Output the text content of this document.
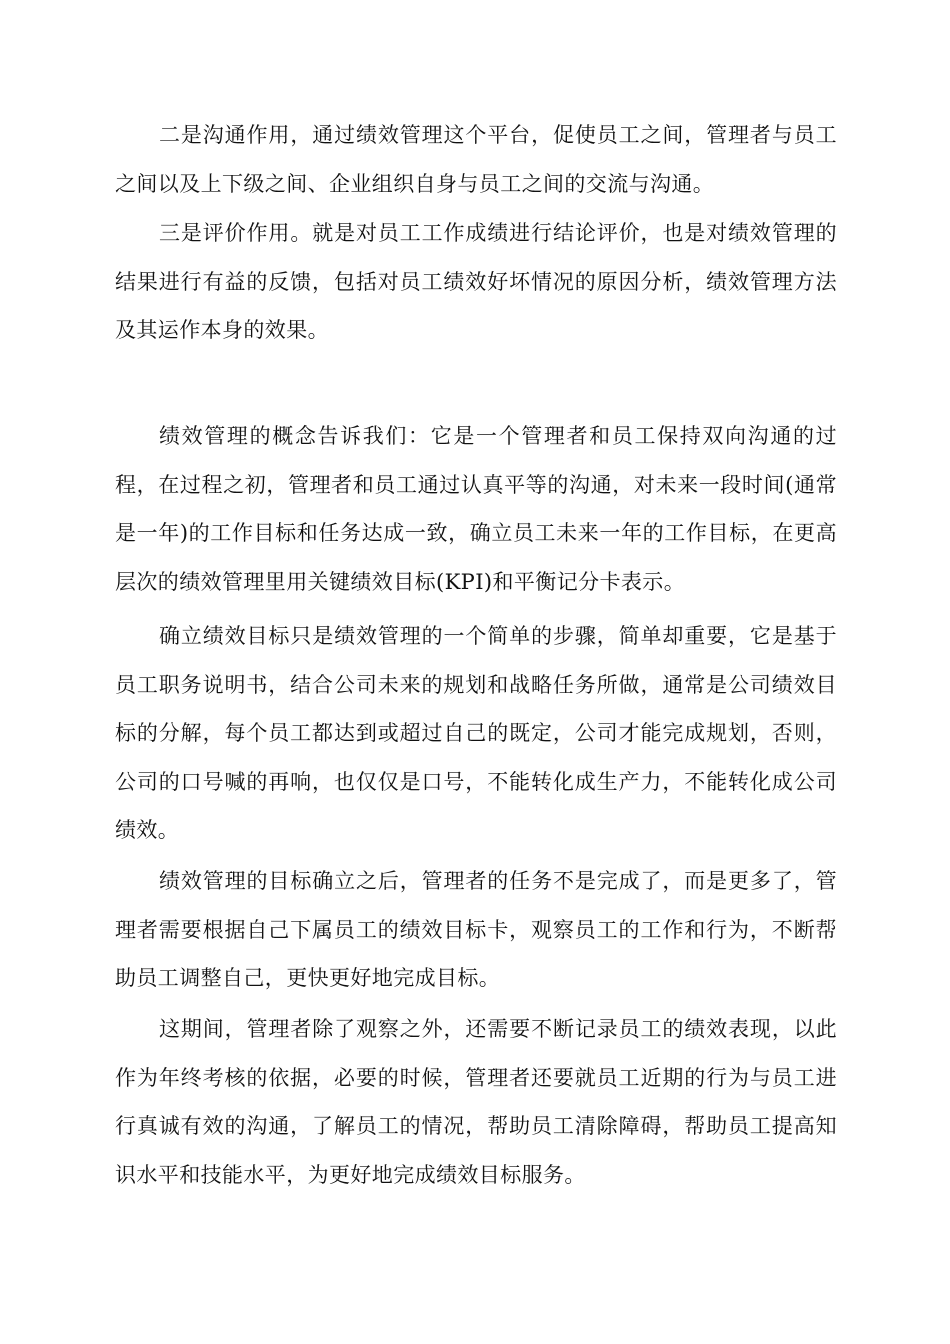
二是沟通作用，通过绩效管理这个平台，促使员工之间，管理者与员工之间以及上下级之间、企业组织自身与员工之间的交流与沟通。

三是评价作用。就是对员工工作成绩进行结论评价，也是对绩效管理的结果进行有益的反馈，包括对员工绩效好坏情况的原因分析，绩效管理方法及其运作本身的效果。

绩效管理的概念告诉我们：它是一个管理者和员工保持双向沟通的过程，在过程之初，管理者和员工通过认真平等的沟通，对未来一段时间(通常是一年)的工作目标和任务达成一致，确立员工未来一年的工作目标，在更高层次的绩效管理里用关键绩效目标(KPI)和平衡记分卡表示。

确立绩效目标只是绩效管理的一个简单的步骤，简单却重要，它是基于员工职务说明书，结合公司未来的规划和战略任务所做，通常是公司绩效目标的分解，每个员工都达到或超过自己的既定，公司才能完成规划，否则，公司的口号喊的再响，也仅仅是口号，不能转化成生产力，不能转化成公司绩效。

绩效管理的目标确立之后，管理者的任务不是完成了，而是更多了，管理者需要根据自己下属员工的绩效目标卡，观察员工的工作和行为，不断帮助员工调整自己，更快更好地完成目标。

这期间，管理者除了观察之外，还需要不断记录员工的绩效表现，以此作为年终考核的依据，必要的时候，管理者还要就员工近期的行为与员工进行真诚有效的沟通，了解员工的情况，帮助员工清除障碍，帮助员工提高知识水平和技能水平，为更好地完成绩效目标服务。
